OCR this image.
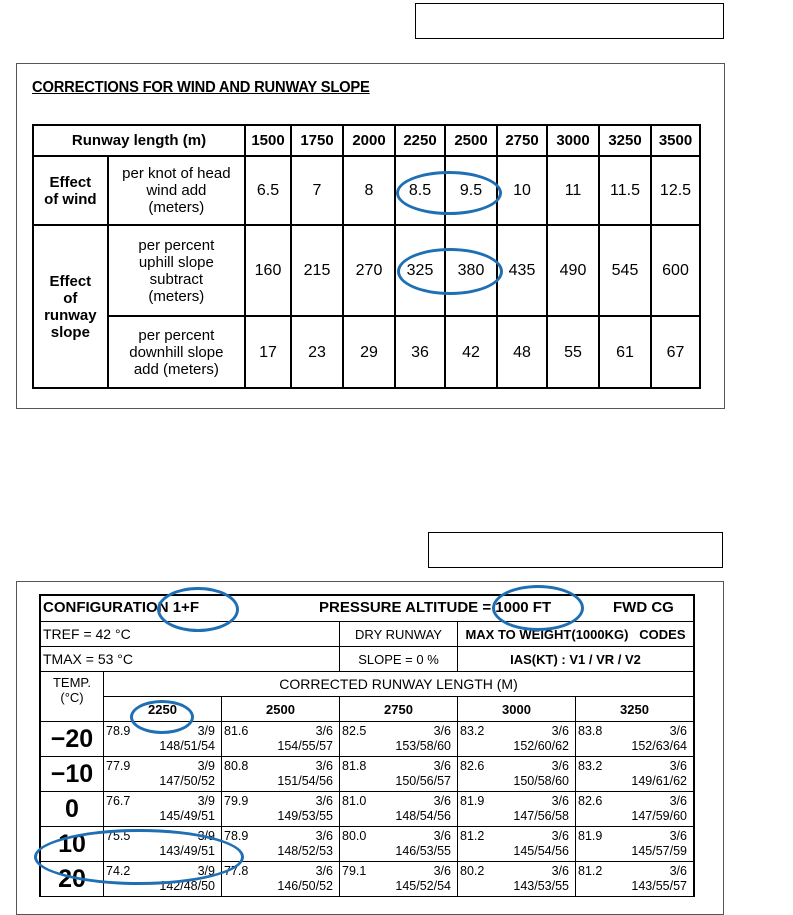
CORRECTIONS FOR WIND AND RUNWAY SLOPE
Runway length (m)		1500	1750	2000	2250	2500	2750	3000	3250	3500
Effect
of wind	per knot of head
wind add
(meters)	6.5	7	8	8.5	9.5	10	11	11.5	12.5
Effect
of
runway
slope	per percent
uphill slope
subtract
(meters)	160	215	270	325	380	435	490	545	600
	per percent
downhill slope
add (meters)	17	23	29	36	42	48	55	61	67
CONFIGURATION 1+F PRESSURE ALTITUDE = 1000 FT FWD CG					

TREF = 42 °C			DRY RUNWAY	MAX TO WEIGHT(1000KG)   CODES	
TMAX = 53 °C			SLOPE = 0 %	IAS(KT) : V1 / VR / V2	
TEMP.
(°C)	CORRECTED RUNWAY LENGTH (M)				
	2250	2500	2750	3000	3250
−20	78.9 3/9
148/51/54	81.6 3/6
154/55/57	82.5 3/6
153/58/60	83.2 3/6
152/60/62	83.8 3/6
152/63/64

−10	77.9 3/9
147/50/52	80.8 3/6
151/54/56	81.8 3/6
150/56/57	82.6 3/6
150/58/60	83.2 3/6
149/61/62

0	76.7 3/9
145/49/51	79.9 3/6
149/53/55	81.0 3/6
148/54/56	81.9 3/6
147/56/58	82.6 3/6
147/59/60

10	75.5 3/9
143/49/51	78.9 3/6
148/52/53	80.0 3/6
146/53/55	81.2 3/6
145/54/56	81.9 3/6
145/57/59

20	74.2 3/9
142/48/50	77.8 3/6
146/50/52	79.1 3/6
145/52/54	80.2 3/6
143/53/55	81.2 3/6
143/55/57
